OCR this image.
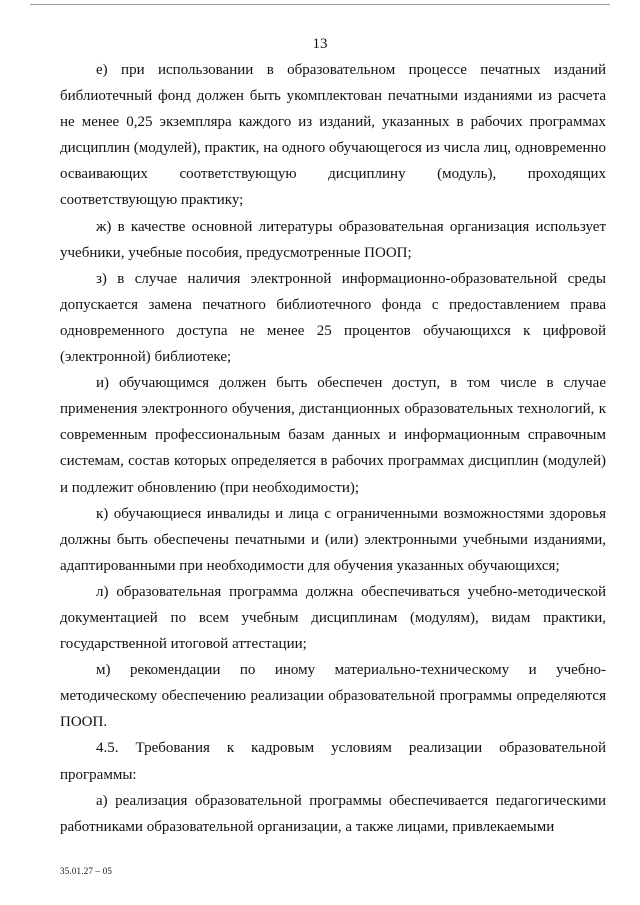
13

е) при использовании в образовательном процессе печатных изданий библиотечный фонд должен быть укомплектован печатными изданиями из расчета не менее 0,25 экземпляра каждого из изданий, указанных в рабочих программах дисциплин (модулей), практик, на одного обучающегося из числа лиц, одновременно осваивающих соответствующую дисциплину (модуль), проходящих соответствующую практику;

ж) в качестве основной литературы образовательная организация использует учебники, учебные пособия, предусмотренные ПООП;

з) в случае наличия электронной информационно-образовательной среды допускается замена печатного библиотечного фонда с предоставлением права одновременного доступа не менее 25 процентов обучающихся к цифровой (электронной) библиотеке;

и) обучающимся должен быть обеспечен доступ, в том числе в случае применения электронного обучения, дистанционных образовательных технологий, к современным профессиональным базам данных и информационным справочным системам, состав которых определяется в рабочих программах дисциплин (модулей) и подлежит обновлению (при необходимости);

к) обучающиеся инвалиды и лица с ограниченными возможностями здоровья должны быть обеспечены печатными и (или) электронными учебными изданиями, адаптированными при необходимости для обучения указанных обучающихся;

л) образовательная программа должна обеспечиваться учебно-методической документацией по всем учебным дисциплинам (модулям), видам практики, государственной итоговой аттестации;

м) рекомендации по иному материально-техническому и учебно-методическому обеспечению реализации образовательной программы определяются ПООП.

4.5. Требования к кадровым условиям реализации образовательной программы:

а) реализация образовательной программы обеспечивается педагогическими работниками образовательной организации, а также лицами, привлекаемыми

35.01.27 – 05
